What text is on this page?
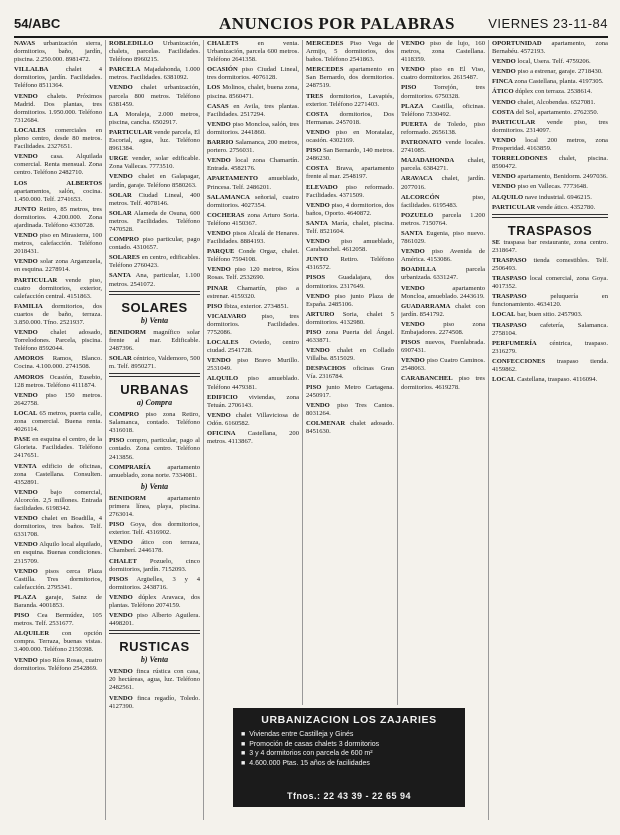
54/ABC	ANUNCIOS POR PALABRAS	VIERNES 23-11-84

NAVAS urbanización sierra, dormitorios, baño, jardín, piscina. 2.250.000. 8981472.

VILLALBA	chalet 4 dormitorios, jardín. Facilidades. Teléfono 8511364.

VENDO chalets. Próximos Madrid. Dos plantas, tres dormitorios. 1.950.000. Teléfono 7312684.

LOCALES comerciales en pleno centro, desde 80 metros. Facilidades. 2327651.

VENDO casa. Alquilada comercial. Renta mensual. Zona centro. Teléfono 2482710.

LOS ALBERTOS apartamentos, salón, cocina. 1.450.000. Telf. 2741653.

JUNTO Retiro, 85 metros, tres dormitorios. 4.200.000. Zona ajardinada. Teléfono 4330728.

VENDO piso en Mirasierra, 100 metros, calefacción. Teléfono 2018431.

VENDO solar zona Arganzuela, en esquina. 2278914.

PARTICULAR vende piso, cuatro dormitorios, exterior, calefacción central. 4151863.

FAMILIA dormitorios, dos cuartos de baño, terraza. 3.850.000. Tfno. 2521937.

VENDO chalet adosado, Torrelodones. Parcela, piscina. Teléfono 8592044.

AMOROS Ramos, Blanco. Cocina. 4.100.000. 2741508.

AMOROS Ocasión, Eusebio, 128 metros. Teléfono 4111874.

VENDO piso 150 metros. 2642758.

LOCAL 65 metros, puerta calle, zona comercial. Buena renta. 4026114.

PASE en esquina el centro, de la Glorieta. Facilidades. Teléfono 2417651.

VENTA edificio de oficinas, zona Castellana. Consulten. 4352891.

VENDO bajo comercial, Alcorcón. 2,5 millones. Entrada facilidades. 6198342.

VENDO chalet en Boadilla, 4 dormitorios, tres baños. Telf. 6331708.

VENDO Alquilo local alquilado, en esquina. Buenas condiciones. 2315709.

VENDO pisos cerca Plaza Castilla. Tres dormitorios, calefacción. 2795341.

PLAZA garaje, Sainz de Baranda. 4001853.

PISO Cea Bermúdez, 105 metros. Telf. 2531677.

ALQUILER con opción compra. Terraza, buenas vistas. 3.400.000. Teléfono 2150398.

VENDO piso Ríos Rosas, cuatro dormitorios. Teléfono 2542869.

ROBLEDILLO Urbanización, chalets, parcelas. Facilidades. Teléfono 8960215.

PARCELA Majadahonda, 1.000 metros. Facilidades. 6381092.

VENDO chalet urbanización, parcela 800 metros. Teléfono 6381459.

LA Moraleja, 2.000 metros, piscina, cancha. 6502917.

PARTICULAR vende parcela, El Escorial, agua, luz. Teléfono 8961384.

URGE vender, solar edificable. Zona Vallecas. 7773510.

VENDO chalet en Galapagar, jardín, garaje. Teléfono 8580263.

SOLAR Ciudad Lineal, 400 metros. Telf. 4078146.

SOLAR Alameda de Osuna, 600 metros. Facilidades. Teléfono 7470528.

COMPRO piso particular, pago contado. 4310657.

SOLARES en centro, edificables. Teléfono 2760423.

SANTA Ana, particular, 1.100 metros. 2541072.

SOLARES
b) Venta

BENIDORM magnífico solar frente al mar. Edificable. 2487396.

SOLAR céntrico, Valdemoro, 500 m. Telf. 8950271.

URBANAS
a) Compra

COMPRO piso zona Retiro, Salamanca, contado. Teléfono 4316018.

PISO compro, particular, pago al contado. Zona centro. Teléfono 2413856.

COMPRARÍA	apartamento amueblado, zona norte. 7334081.

b) Venta

BENIDORM	apartamento primera línea, playa, piscina. 2763014.

PISO Goya, dos dormitorios, exterior. Telf. 4316902.

VENDO ático con terraza, Chamberí. 2446178.

CHALET Pozuelo, cinco dormitorios, jardín. 7152093.

PISOS Argüelles, 3 y 4 dormitorios. 2438716.

VENDO dúplex Aravaca, dos plantas. Teléfono 2074159.

VENDO piso Alberto Aguilera. 4498201.

RUSTICAS
b) Venta

VENDO finca rústica con casa, 20 hectáreas, agua, luz. Teléfono 2482561.

VENDO finca regadío, Toledo. 4127390.

CHALETS	en venta. Urbanización, parcela 600 metros. Teléfono 2641358.

OCASIÓN piso Ciudad Lineal, tres dormitorios. 4076128.

LOS Molinos, chalet, buena zona, piscina. 8560471.

CASAS en Avila, tres plantas. Facilidades. 2517294.

VENDO piso Moncloa, salón, tres dormitorios. 2441860.

BARRIO Salamanca, 200 metros, portero. 2756031.

VENDO local zona Chamartín. Entrada. 4582176.

APARTAMENTO amueblado, Princesa. Telf. 2486201.

SALAMANCA señorial, cuatro dormitorios. 4027354.

COCHERAS zona Arturo Soria. Teléfono 4150367.

VENDO pisos Alcalá de Henares. Facilidades. 8884193.

PARQUE Conde Orgaz, chalet. Teléfono 7594108.

VENDO piso 120 metros, Ríos Rosas. Telf. 2532690.

PINAR Chamartín, piso a estrenar. 4159320.

PISO Ibiza, exterior. 2734851.

VICALVARO piso, tres dormitorios. Facilidades. 7752086.

LOCALES Oviedo, centro ciudad. 2541728.

VENDO piso Bravo Murillo. 2531049.

ALQUILO piso amueblado. Teléfono 4479381.

EDIFICIO viviendas, zona Tetuán. 2706143.

VENDO chalet Villaviciosa de Odón. 6160582.

OFICINA Castellana, 200 metros. 4113867.

MERCEDES Piso Vega de Armijo, 5 dormitorios, dos baños. Teléfono 2541863.

MERCEDES apartamento en San Bernardo, dos dormitorios. 2487519.

TRES dormitorios, Lavapiés, exterior. Teléfono 2271403.

COSTA dormitorios, Dos Hermanas. 2457018.

VENDO piso en Moratalaz, ocasión. 4302169.

PISO San Bernardo, 140 metros. 2486230.

COSTA Brava, apartamento frente al mar. 2548197.

ELEVADO piso reformado. Facilidades. 4371509.

VENDO piso, 4 dormitorios, dos baños, Oporto. 4640872.

SANTA María, chalet, piscina. Telf. 8521604.

VENDO piso amueblado, Carabanchel. 4612058.

JUNTO Retiro. Teléfono 4316572.

PISOS Guadalajara, dos dormitorios. 2317649.

VENDO piso junto Plaza de España. 2485106.

ARTURO Soria, chalet 5 dormitorios. 4132980.

PISO zona Puerta del Ángel. 4633871.

VENDO chalet en Collado Villalba. 8515029.

DESPACHOS oficinas Gran Vía. 2316784.

PISO junto Metro Cartagena. 2450917.

VENDO piso Tres Cantos. 8031264.

COLMENAR chalet adosado. 8451630.

VENDO piso de lujo, 160 metros, zona Castellana. 4118359.

VENDO piso en El Viso, cuatro dormitorios. 2615487.

PISO	Torrejón, tres dormitorios. 6750328.

PLAZA Castilla, oficinas. Teléfono 7330492.

PUERTA de Toledo, piso reformado. 2656138.

PATRONATO vende locales. 2741085.

MAJADAHONDA chalet, parcela. 6384271.

ARAVACA chalet, jardín. 2077016.

ALCORCÓN	piso, facilidades. 6195483.

POZUELO parcela 1.200 metros. 7150764.

SANTA Eugenia, piso nuevo. 7861029.

VENDO piso Avenida de América. 4153086.

BOADILLA	parcela urbanizada. 6331247.

VENDO	apartamento Moncloa, amueblado. 2443619.

GUADARRAMA chalet con jardín. 8541792.

VENDO	piso zona Embajadores. 2274508.

PISOS nuevos, Fuenlabrada. 6907431.

VENDO piso Cuatro Caminos. 2548063.

CARABANCHEL piso tres dormitorios. 4619278.

OPORTUNIDAD apartamento, zona Bernabéu. 4572193.

VENDO local, Usera. Telf. 4759206.

VENDO piso a estrenar, garaje. 2718430.

FINCA zona Castellana, planta. 4197305.

ÁTICO dúplex con terraza. 2538614.

VENDO chalet, Alcobendas. 6527081.

COSTA del Sol, apartamento. 2762350.

PARTICULAR vende piso, tres dormitorios. 2314097.

VENDO local 200 metros, zona Prosperidad. 4163859.

TORRELODONES chalet, piscina. 8590472.

VENDO apartamento, Benidorm. 2497036.

VENDO piso en Vallecas. 7773648.

ALQUILO nave industrial. 6946215.

PARTICULAR vende ático. 4352780.

TRASPASOS

SE traspasa bar restaurante, zona centro. 2318647.

TRASPASO tienda comestibles. Telf. 2506493.

TRASPASO local comercial, zona Goya. 4017352.

TRASPASO	peluquería en funcionamiento. 4634120.

LOCAL bar, buen sitio. 2457903.

TRASPASO cafetería, Salamanca. 2758104.

PERFUMERÍA céntrica, traspaso. 2316279.

CONFECCIONES traspaso tienda. 4159862.

LOCAL Castellana, traspaso. 4116094.

URBANIZACION LOS ZAJARIES
■ Viviendas entre Castilleja y Ginés
■ Promoción de casas chalets 3 dormitorios
■ 3 y 4 dormitorios con parcela de 600 m²
■ 4.600.000 Ptas. 15 años de facilidades
Tfnos.: 22 43 39 - 22 65 94
